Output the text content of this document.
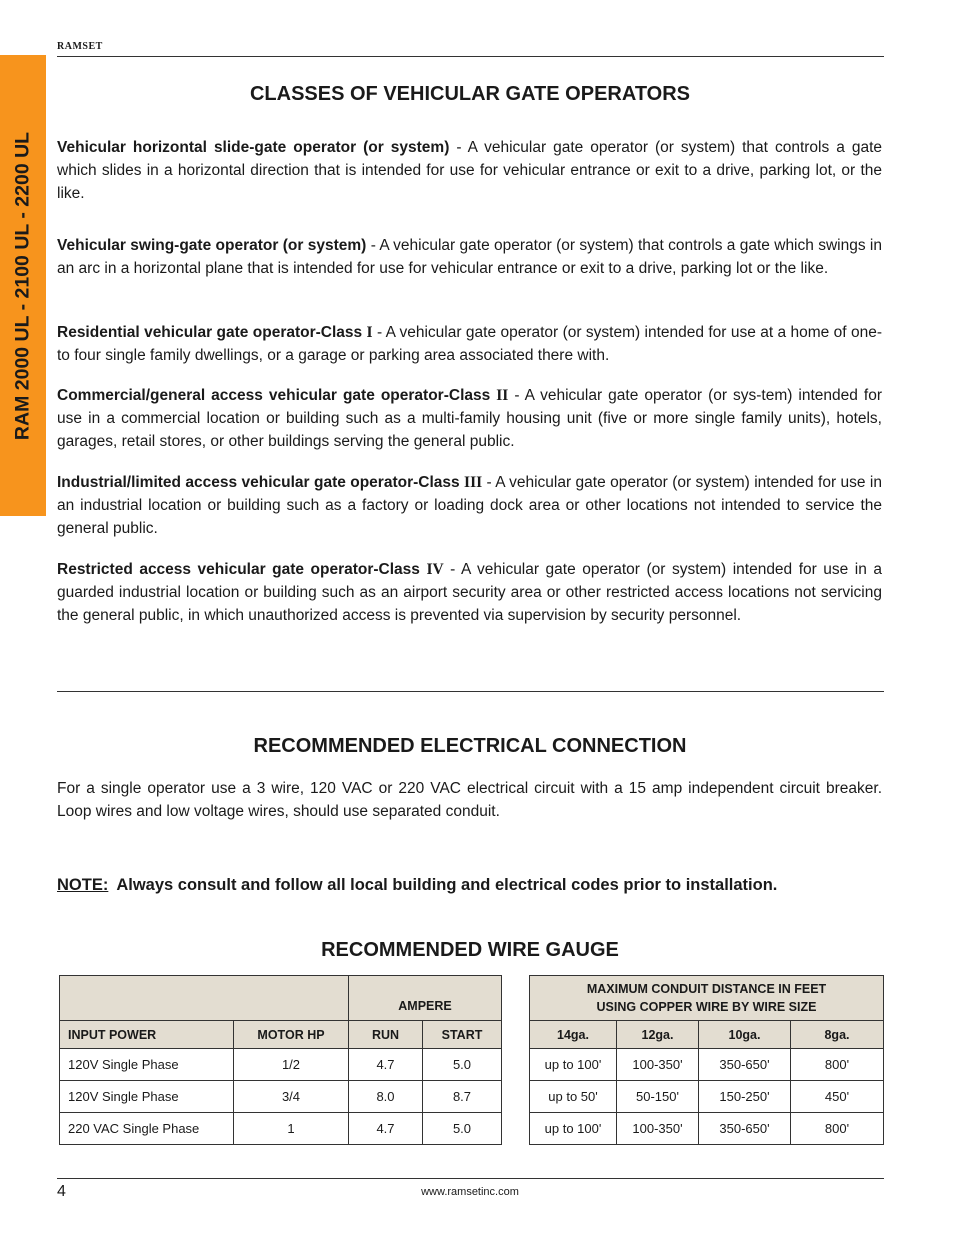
RAMSET
RAM 2000 UL - 2100 UL - 2200 UL
CLASSES OF VEHICULAR GATE OPERATORS

Vehicular horizontal slide-gate operator (or system) - A vehicular gate operator (or system) that controls a gate which slides in a horizontal direction that is intended for use for vehicular entrance or exit to a drive, parking lot, or the like.

Vehicular swing-gate operator (or system) - A vehicular gate operator (or system) that controls a gate which swings in an arc in a horizontal plane that is intended for use for vehicular entrance or exit to a drive, parking lot or the like.

Residential vehicular gate operator-Class I - A vehicular gate operator (or system) intended for use at a home of one-to four single family dwellings, or a garage or parking area associated there with.

Commercial/general access vehicular gate operator-Class II - A vehicular gate operator (or sys-tem) intended for use in a commercial location or building such as a multi-family housing unit (five or more single family units), hotels, garages, retail stores, or other buildings serving the general public.

Industrial/limited access vehicular gate operator-Class III - A vehicular gate operator (or system) intended for use in an industrial location or building such as a factory or loading dock area or other locations not intended to service the general public.

Restricted access vehicular gate operator-Class IV - A vehicular gate operator (or system) intended for use in a guarded industrial location or building such as an airport security area or other restricted access locations not servicing the general public, in which unauthorized access is prevented via supervision by security personnel.

RECOMMENDED ELECTRICAL CONNECTION

For a single operator use a 3 wire, 120 VAC or 220 VAC electrical circuit with a 15 amp independent circuit breaker. Loop wires and low voltage wires, should use separated conduit.

NOTE: Always consult and follow all local building and electrical codes prior to installation.
RECOMMENDED WIRE GAUGE
		AMPERE	
INPUT POWER	MOTOR HP	RUN	START
120V Single Phase	1/2	4.7	5.0
120V Single Phase	3/4	8.0	8.7
220 VAC Single Phase	1	4.7	5.0
MAXIMUM CONDUIT DISTANCE IN FEET
USING COPPER WIRE BY WIRE SIZE			

14ga.	12ga.	10ga.	8ga.
up to 100'	100-350'	350-650'	800'
up to 50'	50-150'	150-250'	450'
up to 100'	100-350'	350-650'	800'
4	www.ramsetinc.com
